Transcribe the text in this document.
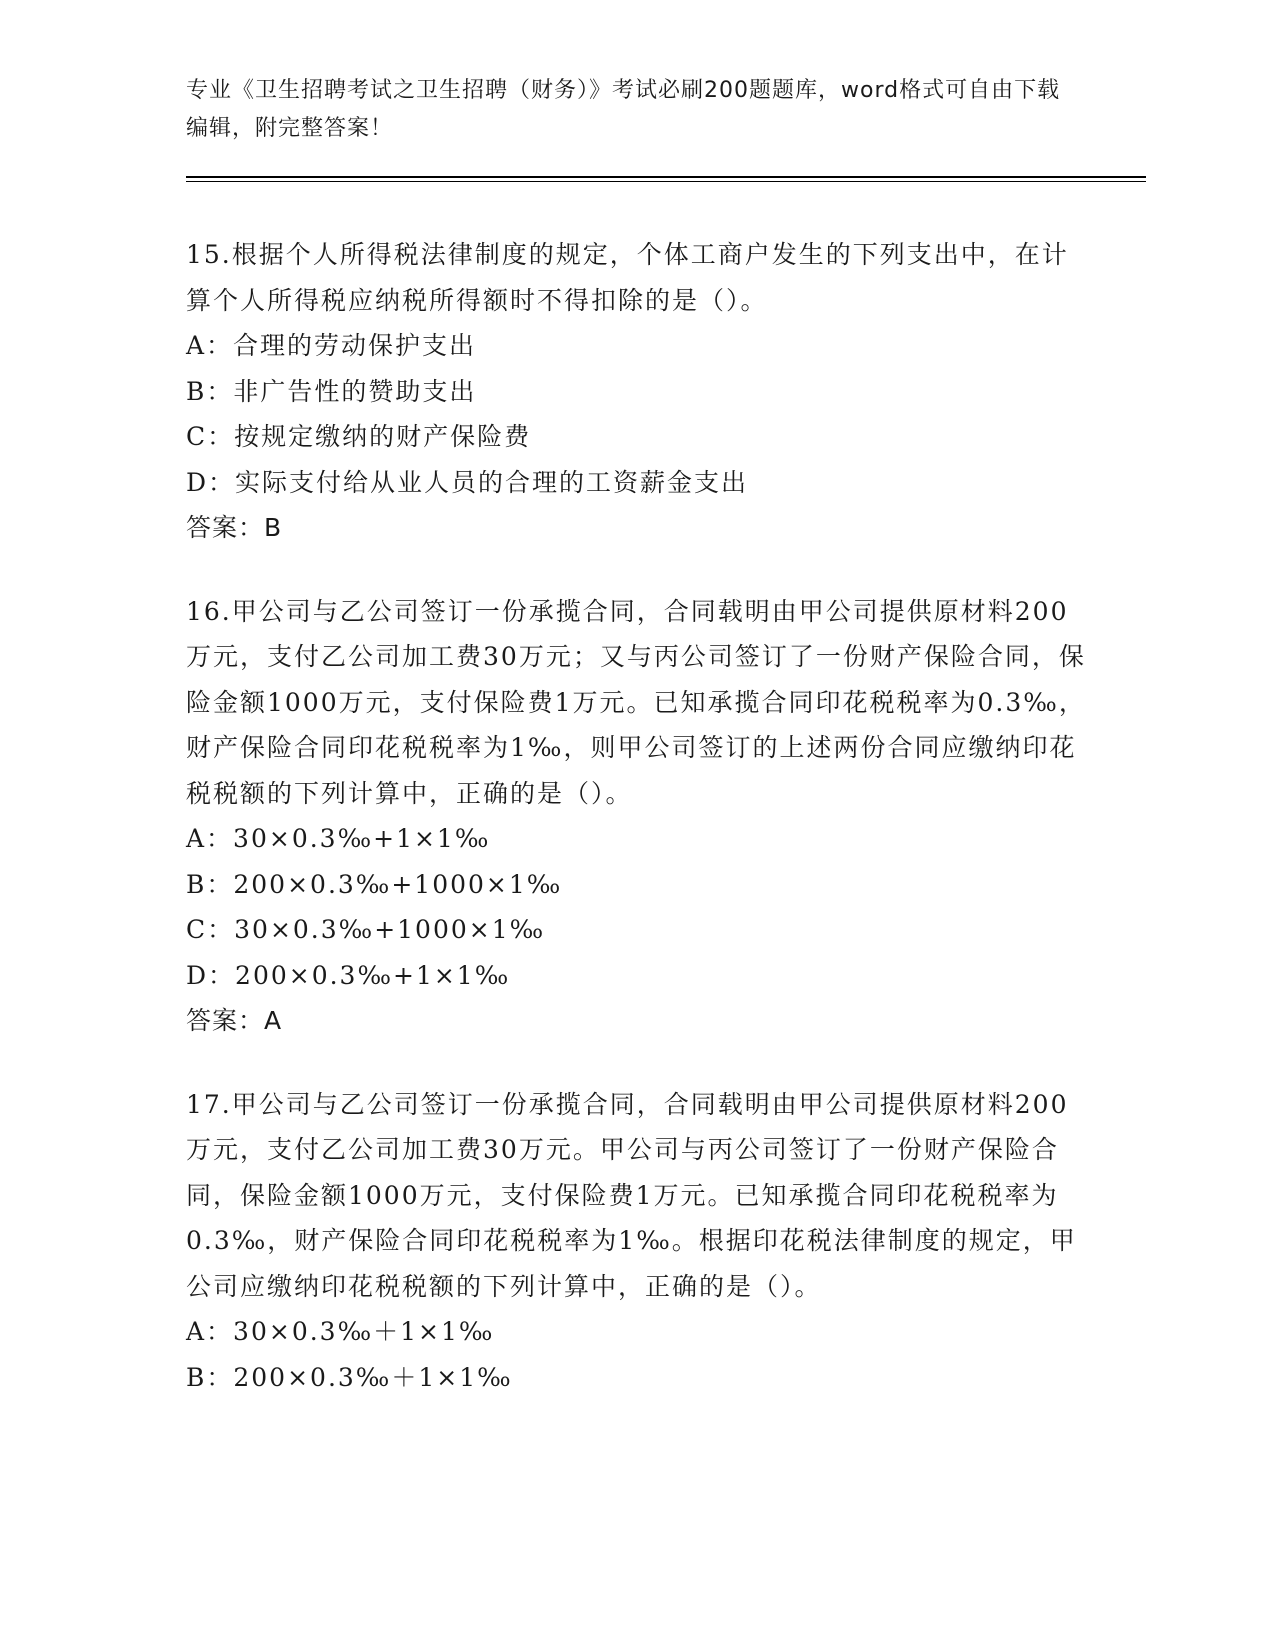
专业《卫生招聘考试之卫生招聘（财务）》考试必刷200题题库，word格式可自由下载编辑，附完整答案！
15.根据个人所得税法律制度的规定，个体工商户发生的下列支出中，在计算个人所得税应纳税所得额时不得扣除的是（）。
A：合理的劳动保护支出
B：非广告性的赞助支出
C：按规定缴纳的财产保险费
D：实际支付给从业人员的合理的工资薪金支出
答案：B
16.甲公司与乙公司签订一份承揽合同，合同载明由甲公司提供原材料200万元，支付乙公司加工费30万元；又与丙公司签订了一份财产保险合同，保险金额1000万元，支付保险费1万元。已知承揽合同印花税税率为0.3‰，财产保险合同印花税税率为1‰，则甲公司签订的上述两份合同应缴纳印花税税额的下列计算中，正确的是（）。
A：30×0.3‰+1×1‰
B：200×0.3‰+1000×1‰
C：30×0.3‰+1000×1‰
D：200×0.3‰+1×1‰
答案：A
17.甲公司与乙公司签订一份承揽合同，合同载明由甲公司提供原材料200万元，支付乙公司加工费30万元。甲公司与丙公司签订了一份财产保险合同，保险金额1000万元，支付保险费1万元。已知承揽合同印花税税率为0.3‰，财产保险合同印花税税率为1‰。根据印花税法律制度的规定，甲公司应缴纳印花税税额的下列计算中，正确的是（）。
A：30×0.3‰＋1×1‰
B：200×0.3‰＋1×1‰
